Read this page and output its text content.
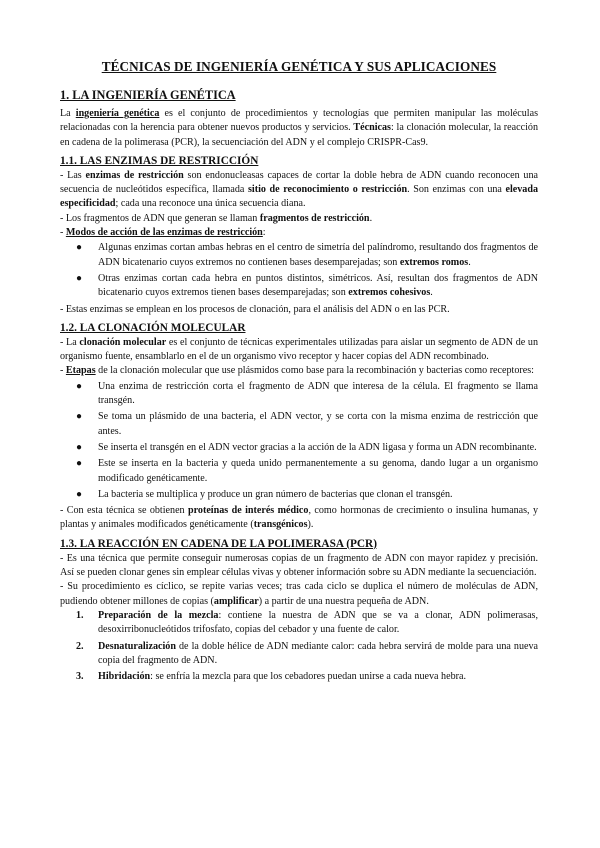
TÉCNICAS DE INGENIERÍA GENÉTICA Y SUS APLICACIONES
1. LA INGENIERÍA GENÉTICA

La ingeniería genética es el conjunto de procedimientos y tecnologías que permiten manipular las moléculas relacionadas con la herencia para obtener nuevos productos y servicios. Técnicas: la clonación molecular, la reacción en cadena de la polimerasa (PCR), la secuenciación del ADN y el complejo CRISPR-Cas9.

1.1. LAS ENZIMAS DE RESTRICCIÓN

- Las enzimas de restricción son endonucleasas capaces de cortar la doble hebra de ADN cuando reconocen una secuencia de nucleótidos específica, llamada sitio de reconocimiento o restricción. Son enzimas con una elevada especificidad; cada una reconoce una única secuencia diana.

- Los fragmentos de ADN que generan se llaman fragmentos de restricción.

- Modos de acción de las enzimas de restricción:

● Algunas enzimas cortan ambas hebras en el centro de simetría del palíndromo, resultando dos fragmentos de ADN bicatenario cuyos extremos no contienen bases desemparejadas; son extremos romos.
● Otras enzimas cortan cada hebra en puntos distintos, simétricos. Así, resultan dos fragmentos de ADN bicatenario cuyos extremos tienen bases desemparejadas; son extremos cohesivos.

- Estas enzimas se emplean en los procesos de clonación, para el análisis del ADN o en las PCR.

1.2. LA CLONACIÓN MOLECULAR

- La clonación molecular es el conjunto de técnicas experimentales utilizadas para aislar un segmento de ADN de un organismo fuente, ensamblarlo en el de un organismo vivo receptor y hacer copias del ADN recombinado.

- Etapas de la clonación molecular que use plásmidos como base para la recombinación y bacterias como receptores:

● Una enzima de restricción corta el fragmento de ADN que interesa de la célula. El fragmento se llama transgén.
● Se toma un plásmido de una bacteria, el ADN vector, y se corta con la misma enzima de restricción que antes.
● Se inserta el transgén en el ADN vector gracias a la acción de la ADN ligasa y forma un ADN recombinante.
● Este se inserta en la bacteria y queda unido permanentemente a su genoma, dando lugar a un organismo modificado genéticamente.
● La bacteria se multiplica y produce un gran número de bacterias que clonan el transgén.

- Con esta técnica se obtienen proteínas de interés médico, como hormonas de crecimiento o insulina humanas, y plantas y animales modificados genéticamente (transgénicos).

1.3. LA REACCIÓN EN CADENA DE LA POLIMERASA (PCR)

- Es una técnica que permite conseguir numerosas copias de un fragmento de ADN con mayor rapidez y precisión. Así se pueden clonar genes sin emplear células vivas y obtener información sobre su ADN mediante la secuenciación.

- Su procedimiento es cíclico, se repite varias veces; tras cada ciclo se duplica el número de moléculas de ADN, pudiendo obtener millones de copias (amplificar) a partir de una nuestra pequeña de ADN.

1. Preparación de la mezcla: contiene la nuestra de ADN que se va a clonar, ADN polimerasas, desoxirribonucleótidos trifosfato, copias del cebador y una fuente de calor.
2. Desnaturalización de la doble hélice de ADN mediante calor: cada hebra servirá de molde para una nueva copia del fragmento de ADN.
3. Hibridación: se enfría la mezcla para que los cebadores puedan unirse a cada nueva hebra.
